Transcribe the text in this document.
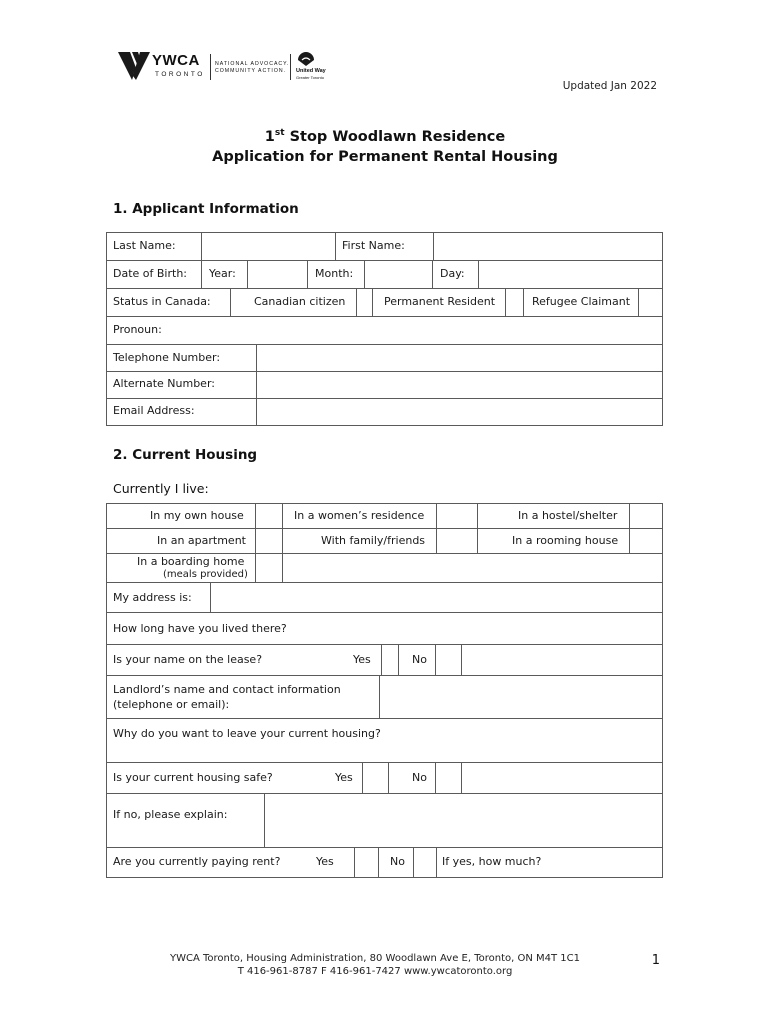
YWCA
TORONTO
NATIONAL ADVOCACY.
COMMUNITY ACTION. United Way
Greater Toronto
Updated Jan 2022
1st Stop Woodlawn Residence
Application for Permanent Rental Housing
1. Applicant Information
Last Name:	First Name:
Date of Birth: Year:	Month:	Day:
Status in Canada:	Canadian citizen	Permanent Resident	Refugee Claimant
Pronoun:
Telephone Number:
Alternate Number:
Email Address:
2. Current Housing
Currently I live:
In my own house	In a women’s residence	In a hostel/shelter
In an apartment	With family/friends	In a rooming house
In a boarding home
(meals provided)
My address is:
How long have you lived there?
Is your name on the lease?	Yes	No
Landlord’s name and contact information
(telephone or email):
Why do you want to leave your current housing?
Is your current housing safe?	Yes	No
If no, please explain:
Are you currently paying rent?	Yes	No	If yes, how much?
YWCA Toronto, Housing Administration, 80 Woodlawn Ave E, Toronto, ON M4T 1C1
T 416-961-8787 F 416-961-7427 www.ywcatoronto.org
1
